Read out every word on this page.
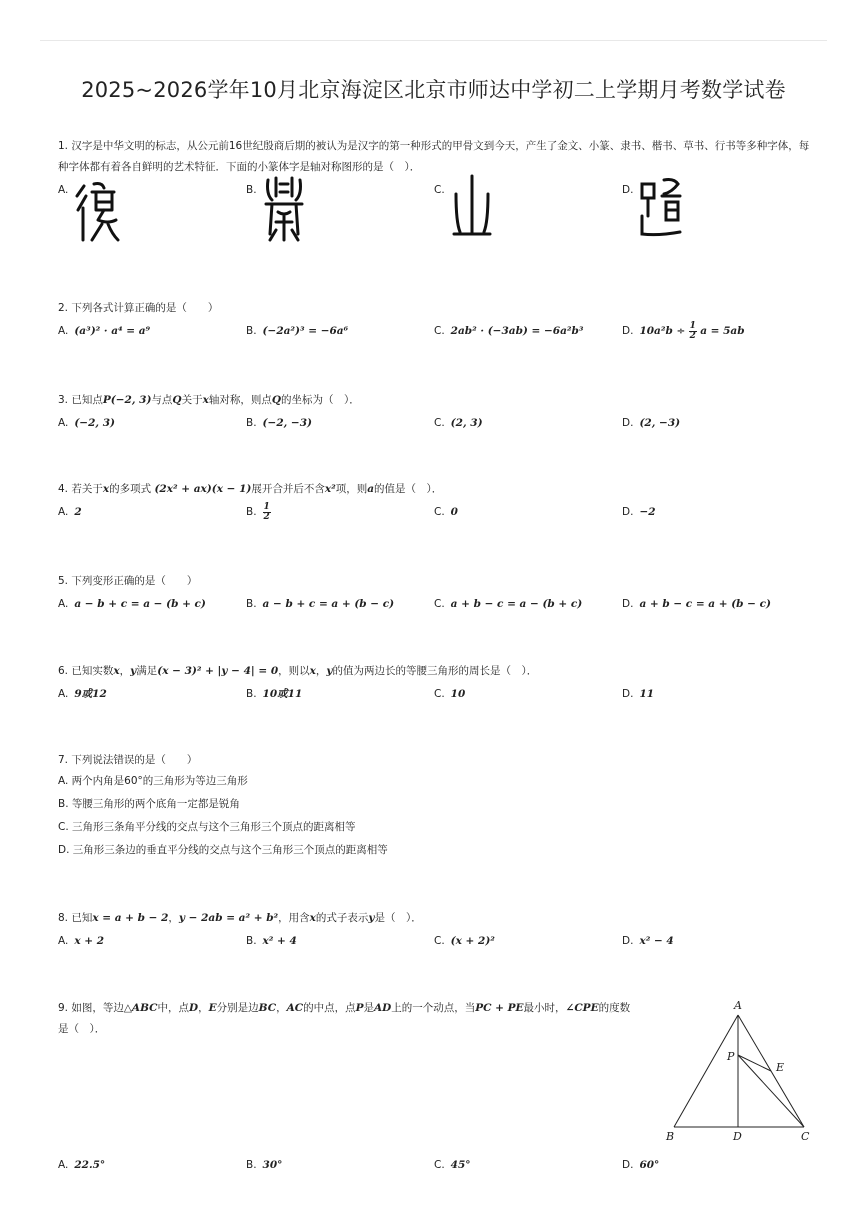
2025~2026学年10月北京海淀区北京市师达中学初二上学期月考数学试卷
1. 汉字是中华文明的标志，从公元前16世纪殷商后期的被认为是汉字的第一种形式的甲骨文到今天，产生了金文、小篆、隶书、楷书、草书、行书等多种字体，每种字体都有着各自鲜明的艺术特征．下面的小篆体字是轴对称图形的是（　）．
A.	B.	C.	D.
2. 下列各式计算正确的是（　　）
A. (a³)² · a⁴ = a⁹	B. (−2a²)³ = −6a⁶	C. 2ab² · (−3ab) = −6a²b³	D. $10a^2b \div \frac{1}{2}$ a = 5ab
3. 已知点P(−2, 3)与点Q关于x轴对称，则点Q的坐标为（　）．
A. (−2, 3)	B. (−2, −3)	C. (2, 3)	D. (2, −3)
4. 若关于x的多项式 (2x² + ax)(x − 1)展开合并后不含x²项，则a的值是（　）．
A. 2	B. $\frac{1}{2}$	C. 0	D. −2
5. 下列变形正确的是（　　）
A. a − b + c = a − (b + c)	B. a − b + c = a + (b − c)	C. a + b − c = a − (b + c)	D. a + b − c = a + (b − c)
6. 已知实数x，y满足(x − 3)² + |y − 4| = 0，则以x，y的值为两边长的等腰三角形的周长是（　）．
A. 9或12	B. 10或11	C. 10	D. 11
7. 下列说法错误的是（　　）
A. 两个内角是60°的三角形为等边三角形
B. 等腰三角形的两个底角一定都是锐角
C. 三角形三条角平分线的交点与这个三角形三个顶点的距离相等
D. 三角形三条边的垂直平分线的交点与这个三角形三个顶点的距离相等
8. 已知x = a + b − 2，y − 2ab = a² + b²，用含x的式子表示y是（　）．
A. x + 2	B. x² + 4	C. (x + 2)²	D. x² − 4
9. 如图，等边△ABC中，点D，E分别是边BC，AC的中点，点P是AD上的一个动点，当PC + PE最小时，∠CPE的度数是（　）．
A
B	C
D
E
P
A. 22.5°	B. 30°	C. 45°	D. 60°
